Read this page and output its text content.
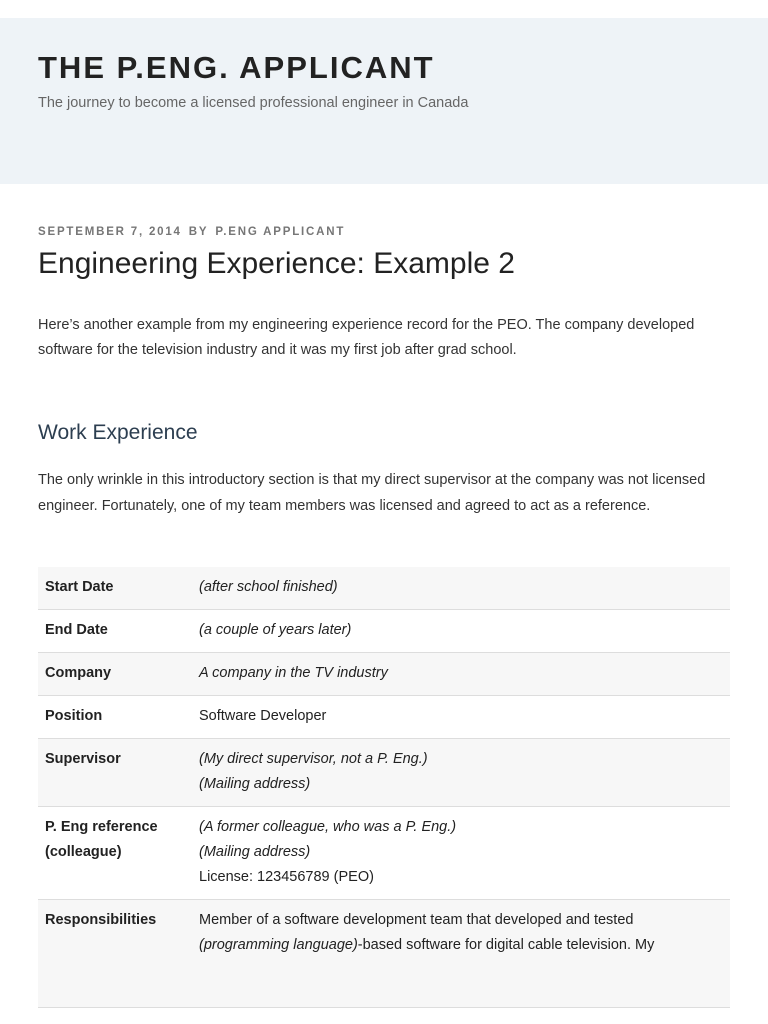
THE P.ENG. APPLICANT

The journey to become a licensed professional engineer in Canada

SEPTEMBER 7, 2014 BY P.ENG APPLICANT
Engineering Experience: Example 2

Here’s another example from my engineering experience record for the PEO. The company developed software for the television industry and it was my first job after grad school.

Work Experience

The only wrinkle in this introductory section is that my direct supervisor at the company was not licensed engineer. Fortunately, one of my team members was licensed and agreed to act as a reference.

Start Date	(after school finished)
End Date	(a couple of years later)
Company	A company in the TV industry
Position	Software Developer
Supervisor	(My direct supervisor, not a P. Eng.)
(Mailing address)

P. Eng reference (colleague)	(A former colleague, who was a P. Eng.)
(Mailing address)
License: 123456789 (PEO)

Responsibilities	Member of a software development team that developed and tested (programming language)-based software for digital cable television. My
